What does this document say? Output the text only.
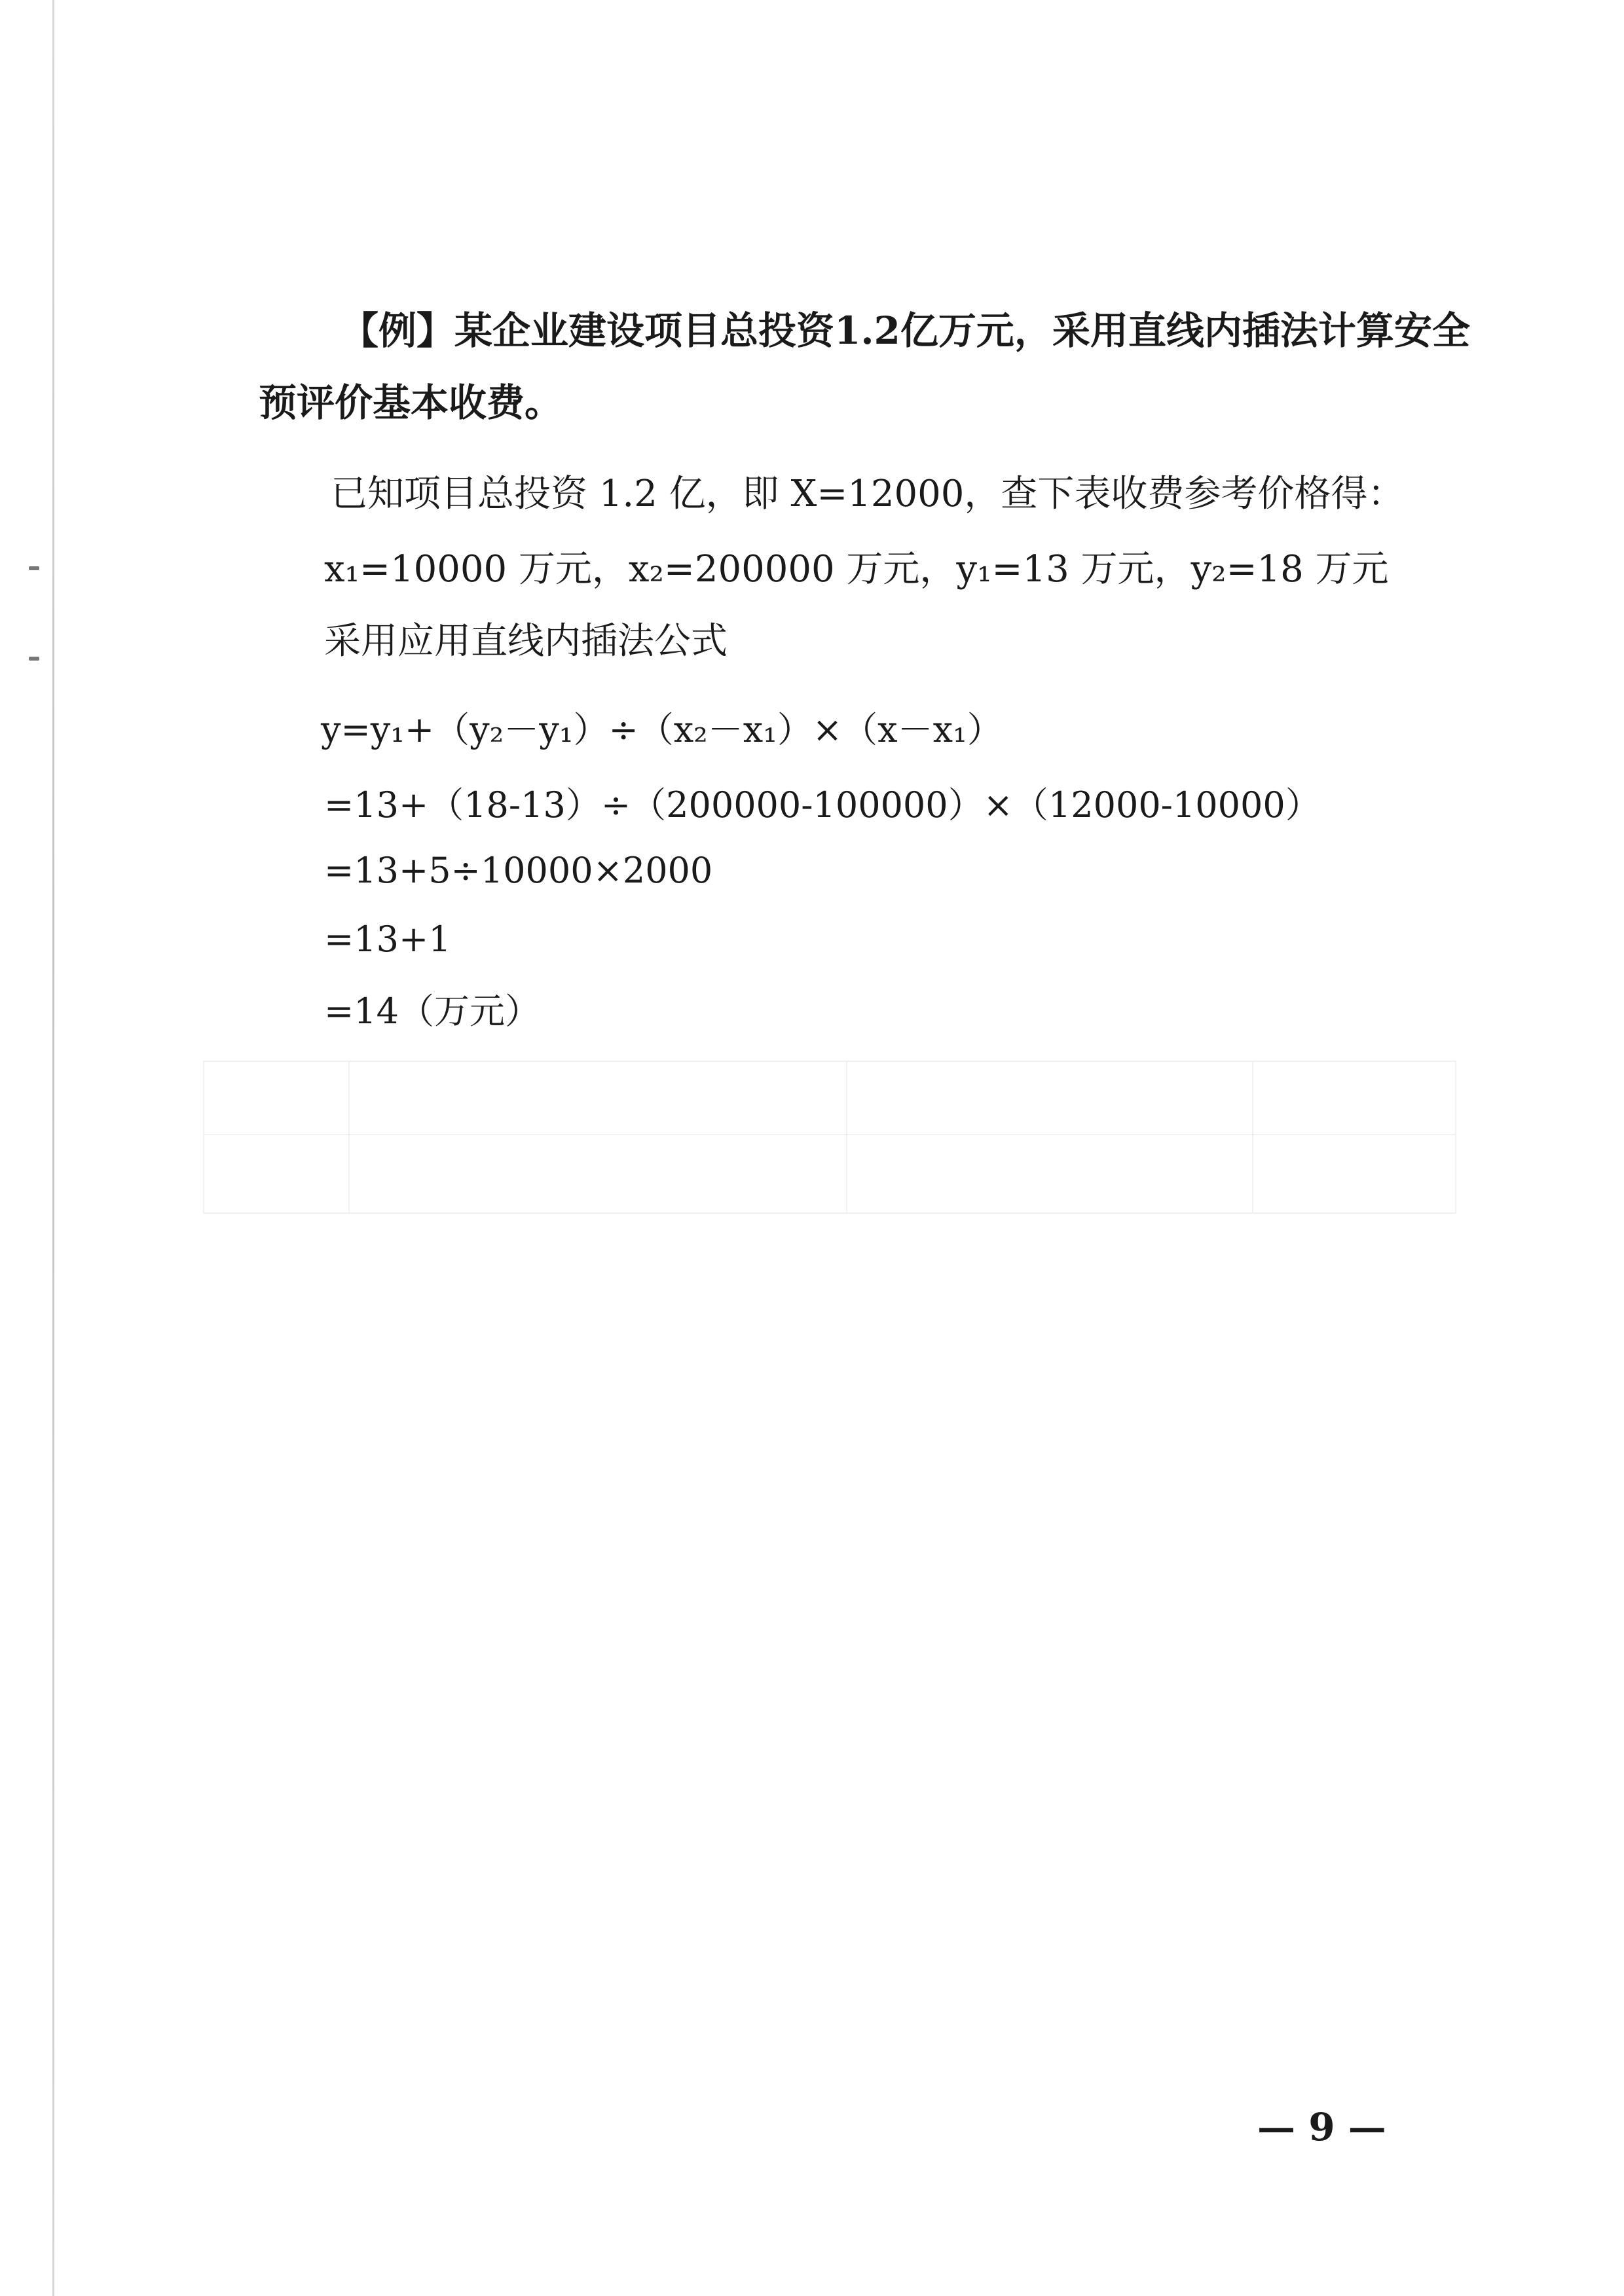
【例】某企业建设项目总投资1.2亿万元，采用直线内插法计算安全
预评价基本收费。
已知项目总投资 1.2 亿，即 X=12000，查下表收费参考价格得：
x₁=10000 万元，x₂=200000 万元，y₁=13 万元，y₂=18 万元
采用应用直线内插法公式
y=y₁+（y₂－y₁）÷（x₂－x₁）×（x－x₁）
=13+（18-13）÷（200000-100000）×（12000-10000）
=13+5÷10000×2000
=13+1
=14（万元）
— 9 —
